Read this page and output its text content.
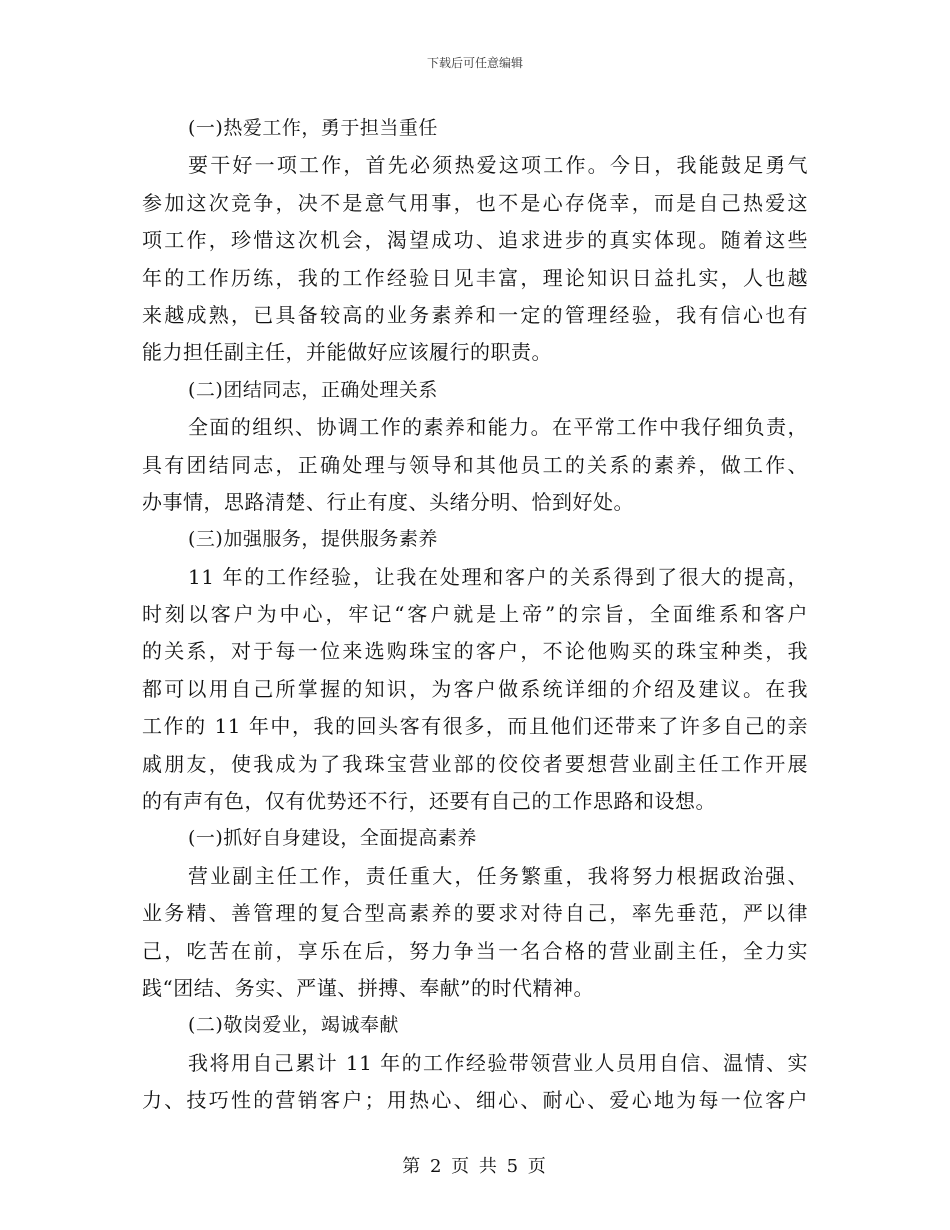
下载后可任意编辑
(一)热爱工作，勇于担当重任
要干好一项工作，首先必须热爱这项工作。今日，我能鼓足勇气
参加这次竞争，决不是意气用事，也不是心存侥幸，而是自己热爱这
项工作，珍惜这次机会，渴望成功、追求进步的真实体现。随着这些
年的工作历练，我的工作经验日见丰富，理论知识日益扎实，人也越
来越成熟，已具备较高的业务素养和一定的管理经验，我有信心也有
能力担任副主任，并能做好应该履行的职责。
(二)团结同志，正确处理关系
全面的组织、协调工作的素养和能力。在平常工作中我仔细负责，
具有团结同志，正确处理与领导和其他员工的关系的素养，做工作、
办事情，思路清楚、行止有度、头绪分明、恰到好处。
(三)加强服务，提供服务素养
11 年的工作经验，让我在处理和客户的关系得到了很大的提高，
时刻以客户为中心，牢记“客户就是上帝”的宗旨，全面维系和客户
的关系，对于每一位来选购珠宝的客户，不论他购买的珠宝种类，我
都可以用自己所掌握的知识，为客户做系统详细的介绍及建议。在我
工作的 11 年中，我的回头客有很多，而且他们还带来了许多自己的亲
戚朋友，使我成为了我珠宝营业部的佼佼者要想营业副主任工作开展
的有声有色，仅有优势还不行，还要有自己的工作思路和设想。
(一)抓好自身建设，全面提高素养
营业副主任工作，责任重大，任务繁重，我将努力根据政治强、
业务精、善管理的复合型高素养的要求对待自己，率先垂范，严以律
己，吃苦在前，享乐在后，努力争当一名合格的营业副主任，全力实
践“团结、务实、严谨、拼搏、奉献”的时代精神。
(二)敬岗爱业，竭诚奉献
我将用自己累计 11 年的工作经验带领营业人员用自信、温情、实
力、技巧性的营销客户；用热心、细心、耐心、爱心地为每一位客户
第 2 页 共 5 页
